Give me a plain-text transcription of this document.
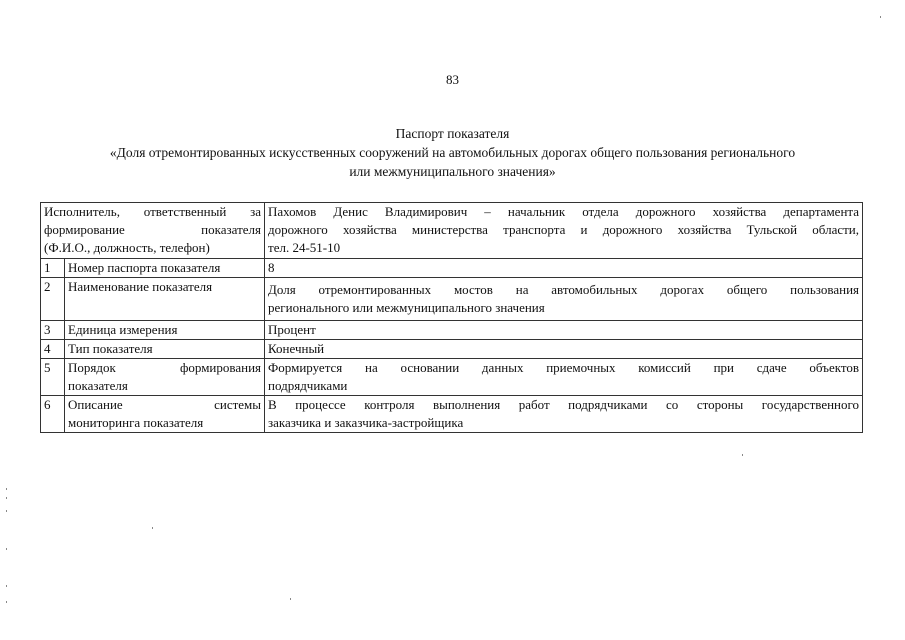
83
Паспорт показателя
«Доля отремонтированных искусственных сооружений на автомобильных дорогах общего пользования регионального
или межмуниципального значения»
Исполнитель, ответственный за
формирование показателя
(Ф.И.О., должность, телефон)		Пахомов Денис Владимирович – начальник отдела дорожного хозяйства департамента
дорожного хозяйства министерства транспорта и дорожного хозяйства Тульской области,
тел. 24-51-10

1	Номер паспорта показателя	8

2	Наименование показателя	Доля отремонтированных мостов на автомобильных дорогах общего пользования
регионального или межмуниципального значения

3	Единица измерения	Процент

4	Тип показателя	Конечный

5	Порядок формирования
показателя	Формируется на основании данных приемочных комиссий при сдаче объектов
подрядчиками

6	Описание системы
мониторинга показателя	В процессе контроля выполнения работ подрядчиками со стороны государственного
заказчика и заказчика-застройщика
